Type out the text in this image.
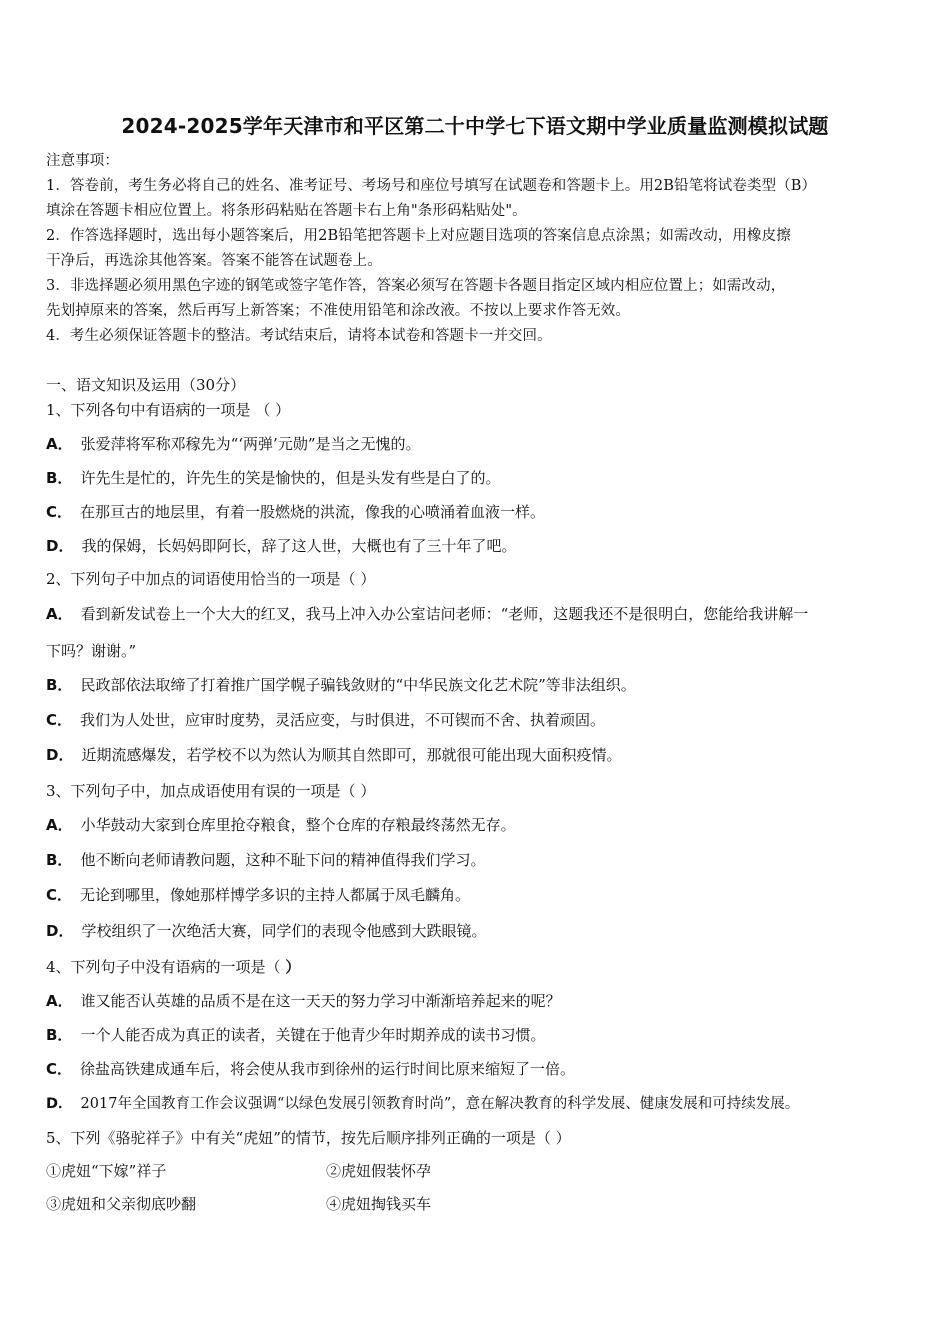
2024-2025学年天津市和平区第二十中学七下语文期中学业质量监测模拟试题
注意事项：
1．答卷前，考生务必将自己的姓名、准考证号、考场号和座位号填写在试题卷和答题卡上。用2B铅笔将试卷类型（B）
填涂在答题卡相应位置上。将条形码粘贴在答题卡右上角"条形码粘贴处"。
2．作答选择题时，选出每小题答案后，用2B铅笔把答题卡上对应题目选项的答案信息点涂黑；如需改动，用橡皮擦
干净后，再选涂其他答案。答案不能答在试题卷上。
3．非选择题必须用黑色字迹的钢笔或签字笔作答，答案必须写在答题卡各题目指定区域内相应位置上；如需改动，
先划掉原来的答案，然后再写上新答案；不准使用铅笔和涂改液。不按以上要求作答无效。
4．考生必须保证答题卡的整洁。考试结束后，请将本试卷和答题卡一并交回。
一、语文知识及运用（30分）
1、下列各句中有语病的一项是 （ ）
A． 张爱萍将军称邓稼先为“‘两弹’元勋”是当之无愧的。
B． 许先生是忙的，许先生的笑是愉快的，但是头发有些是白了的。
C． 在那亘古的地层里，有着一股燃烧的洪流，像我的心喷涌着血液一样。
D． 我的保姆，长妈妈即阿长，辞了这人世，大概也有了三十年了吧。
2、下列句子中加点的词语使用恰当的一项是（ ）
A． 看到新发试卷上一个大大的红叉，我马上冲入办公室诘问老师：“老师，这题我还不是很明白，您能给我讲解一
下吗？谢谢。”
B． 民政部依法取缔了打着推广国学幌子骗钱敛财的“中华民族文化艺术院”等非法组织。
C． 我们为人处世，应审时度势，灵活应变，与时俱进，不可锲而不舍、执着顽固。
D． 近期流感爆发，若学校不以为然认为顺其自然即可，那就很可能出现大面积疫情。
3、下列句子中，加点成语使用有误的一项是（ ）
A． 小华鼓动大家到仓库里抢夺粮食，整个仓库的存粮最终荡然无存。
B． 他不断向老师请教问题，这种不耻下问的精神值得我们学习。
C． 无论到哪里，像她那样博学多识的主持人都属于凤毛麟角。
D． 学校组织了一次绝活大赛，同学们的表现令他感到大跌眼镜。
4、下列句子中没有语病的一项是（ ）
A． 谁又能否认英雄的品质不是在这一天天的努力学习中渐渐培养起来的呢？
B． 一个人能否成为真正的读者，关键在于他青少年时期养成的读书习惯。
C． 徐盐高铁建成通车后，将会使从我市到徐州的运行时间比原来缩短了一倍。
D． 2017年全国教育工作会议强调“以绿色发展引领教育时尚”，意在解决教育的科学发展、健康发展和可持续发展。
5、下列《骆驼祥子》中有关“虎妞”的情节，按先后顺序排列正确的一项是（ ）
①虎妞“下嫁”祥子	②虎妞假装怀孕
③虎妞和父亲彻底吵翻	④虎妞掏钱买车
